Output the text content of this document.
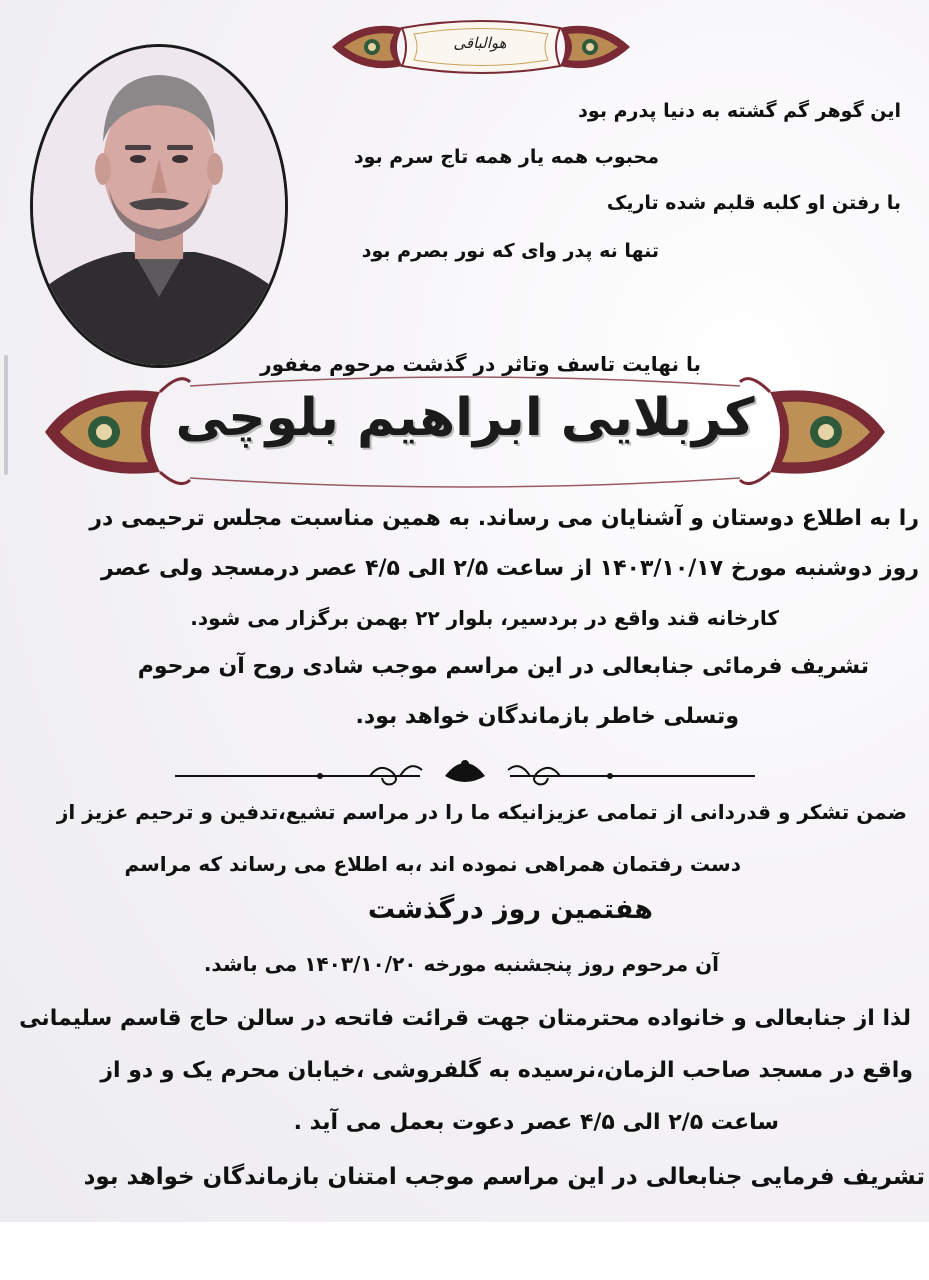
هوالباقی
این گوهر گم گشته به دنیا پدرم بود
محبوب همه یار همه تاج سرم بود
با رفتن او کلبه قلبم شده تاریک
تنها نه پدر وای که نور بصرم بود
با نهایت تاسف وتاثر در گذشت مرحوم مغفور
کربلایی ابراهیم بلوچی
را به اطلاع دوستان و آشنایان می رساند. به همین مناسبت مجلس ترحیمی در
روز دوشنبه مورخ ۱۴۰۳/۱۰/۱۷ از ساعت ۲/۵ الی ۴/۵ عصر درمسجد ولی عصر
کارخانه قند واقع در بردسیر، بلوار ۲۲ بهمن برگزار می شود.
تشریف فرمائی جنابعالی در این مراسم موجب شادی روح آن مرحوم
وتسلی خاطر بازماندگان خواهد بود.
ضمن تشکر و قدردانی از تمامی عزیزانیکه ما را در مراسم تشیع،تدفین و ترحیم عزیز از
دست رفتمان همراهی نموده اند ،به اطلاع می رساند که مراسم
هفتمین روز درگذشت
آن مرحوم روز پنجشنبه مورخه ۱۴۰۳/۱۰/۲۰ می باشد.
لذا از جنابعالی و خانواده محترمتان جهت قرائت فاتحه در سالن حاج قاسم سلیمانی
واقع در مسجد صاحب الزمان،نرسیده به گلفروشی ،خیابان محرم یک و دو از
ساعت ۲/۵ الی ۴/۵ عصر دعوت بعمل می آید .
تشریف فرمایی جنابعالی در این مراسم موجب امتنان بازماندگان خواهد بود
